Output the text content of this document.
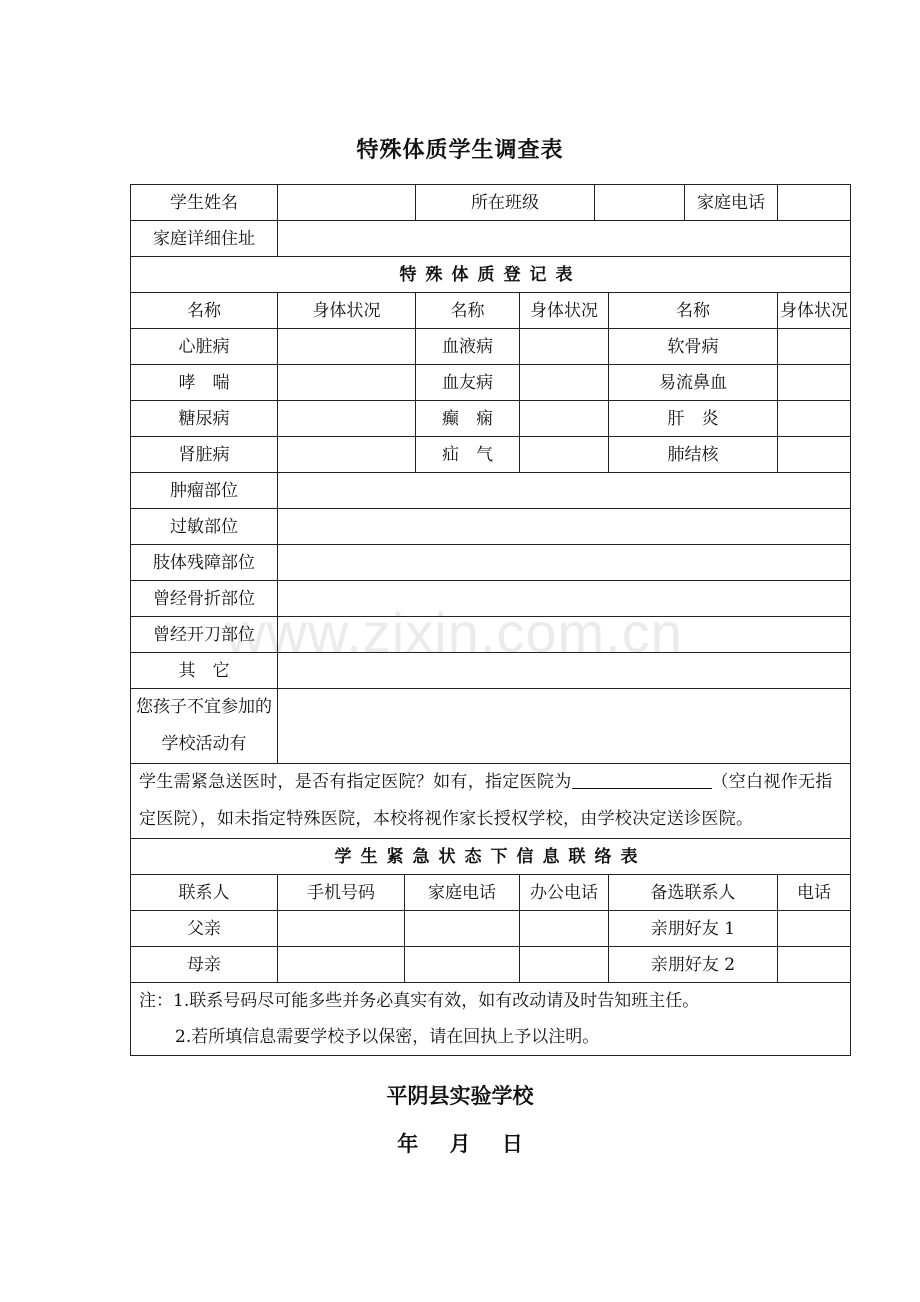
特殊体质学生调查表
学生姓名			所在班级				家庭电话	
家庭详细住址								
特殊体质登记表								
名称	身体状况		名称	身体状况		名称		身体状况
心脏病			血液病			软骨病		
哮　喘			血友病			易流鼻血		
糖尿病			癫　痫			肝　炎		
肾脏病			疝　气			肺结核		
肿瘤部位								
过敏部位								
肢体残障部位								
曾经骨折部位								
曾经开刀部位								
其　它								
您孩子不宜参加的学校活动有								
学生需紧急送医时，是否有指定医院？如有，指定医院为 （空白视作无指定医院），如未指定特殊医院，本校将视作家长授权学校，由学校决定送诊医院。								
学生紧急状态下信息联络表								
联系人	手机号码	家庭电话		办公电话		备选联系人		电话
父亲						亲朋好友 1		
母亲						亲朋好友 2		

注：1.联系号码尽可能多些并务必真实有效，如有改动请及时告知班主任。
2.若所填信息需要学校予以保密，请在回执上予以注明。								
平阴县实验学校
年 月 日
www.zixin.com.cn
